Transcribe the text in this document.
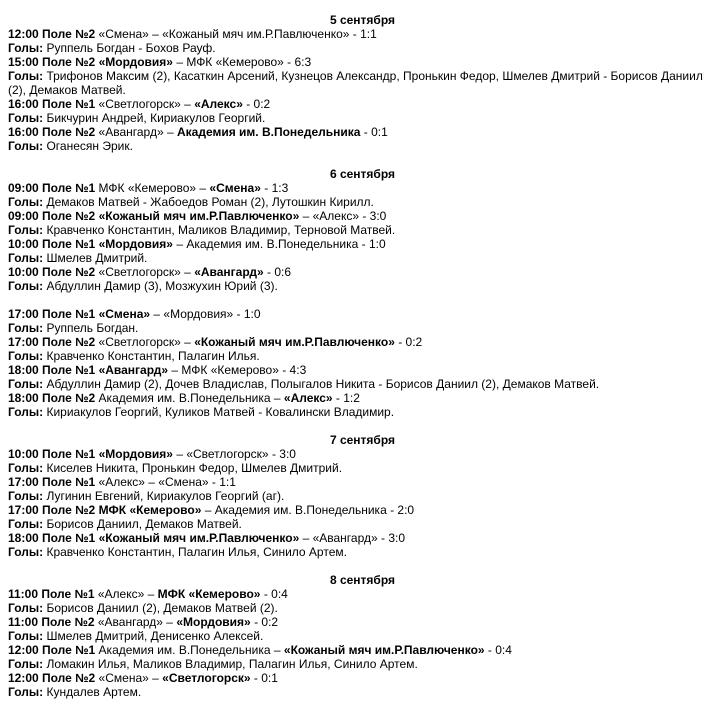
5 сентября
12:00 Поле №2 «Смена» – «Кожаный мяч им.Р.Павлюченко» - 1:1
Голы: Руппель Богдан - Бохов Рауф.
15:00 Поле №2 «Мордовия» – МФК «Кемерово» - 6:3
Голы: Трифонов Максим (2), Касаткин Арсений, Кузнецов Александр, Пронькин Федор, Шмелев Дмитрий - Борисов Даниил (2), Демаков Матвей.
16:00 Поле №1 «Светлогорск» – «Алекс» - 0:2
Голы: Бикчурин Андрей, Кириакулов Георгий.
16:00 Поле №2 «Авангард» – Академия им. В.Понедельника - 0:1
Голы: Оганесян Эрик.
6 сентября
09:00 Поле №1 МФК «Кемерово» – «Смена» - 1:3
Голы: Демаков Матвей - Жабоедов Роман (2), Лутошкин Кирилл.
09:00 Поле №2 «Кожаный мяч им.Р.Павлюченко» – «Алекс» - 3:0
Голы: Кравченко Константин, Маликов Владимир, Терновой Матвей.
10:00 Поле №1 «Мордовия» – Академия им. В.Понедельника - 1:0
Голы: Шмелев Дмитрий.
10:00 Поле №2 «Светлогорск» – «Авангард» - 0:6
Голы: Абдуллин Дамир (3), Мозжухин Юрий (3).
17:00 Поле №1 «Смена» – «Мордовия» - 1:0
Голы: Руппель Богдан.
17:00 Поле №2 «Светлогорск» – «Кожаный мяч им.Р.Павлюченко» - 0:2
Голы: Кравченко Константин, Палагин Илья.
18:00 Поле №1 «Авангард» – МФК «Кемерово» - 4:3
Голы: Абдуллин Дамир (2), Дочев Владислав, Полыгалов Никита - Борисов Даниил (2), Демаков Матвей.
18:00 Поле №2 Академия им. В.Понедельника – «Алекс» - 1:2
Голы: Кириакулов Георгий, Куликов Матвей - Ковалински Владимир.
7 сентября
10:00 Поле №1 «Мордовия» – «Светлогорск» - 3:0
Голы: Киселев Никита, Пронькин Федор, Шмелев Дмитрий.
17:00 Поле №1 «Алекс» – «Смена» - 1:1
Голы: Лугинин Евгений, Кириакулов Георгий (аг).
17:00 Поле №2 МФК «Кемерово» – Академия им. В.Понедельника - 2:0
Голы: Борисов Даниил, Демаков Матвей.
18:00 Поле №1 «Кожаный мяч им.Р.Павлюченко» – «Авангард» - 3:0
Голы: Кравченко Константин, Палагин Илья, Синило Артем.
8 сентября
11:00 Поле №1 «Алекс» – МФК «Кемерово» - 0:4
Голы: Борисов Даниил (2), Демаков Матвей (2).
11:00 Поле №2 «Авангард» – «Мордовия» - 0:2
Голы: Шмелев Дмитрий, Денисенко Алексей.
12:00 Поле №1 Академия им. В.Понедельника – «Кожаный мяч им.Р.Павлюченко» - 0:4
Голы: Ломакин Илья, Маликов Владимир, Палагин Илья, Синило Артем.
12:00 Поле №2 «Смена» – «Светлогорск» - 0:1
Голы: Кундалев Артем.
